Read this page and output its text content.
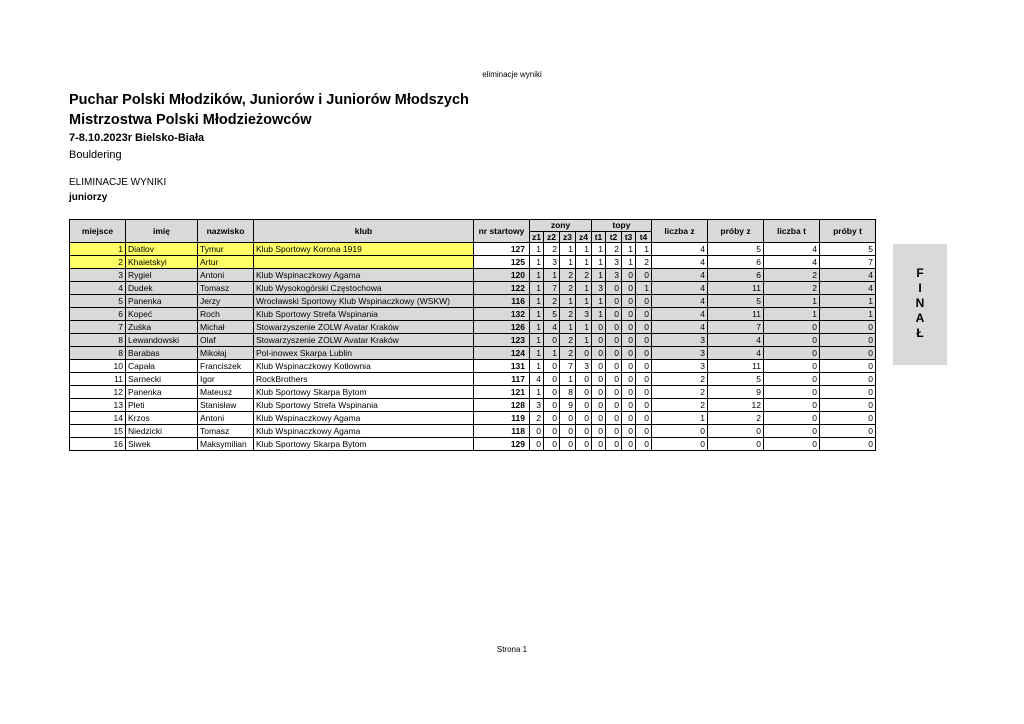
eliminacje wyniki
Puchar Polski Młodzików, Juniorów i Juniorów Młodszych
Mistrzostwa Polski Młodzieżowców
7-8.10.2023r Bielsko-Biała
Bouldering
ELIMINACJE WYNIKI
juniorzy
miejsce	imię	nazwisko	klub	nr startowy	zony				topy				liczba z	próby z	liczba t	próby t
					z1	z2	z3	z4	t1	t2	t3	t4				
1	Diatlov	Tymur	Klub Sportowy Korona 1919	127	1	2	1	1	1	2	1	1	4	5	4	5
2	Khaietskyi	Artur		125	1	3	1	1	1	3	1	2	4	6	4	7
3	Rygiel	Antoni	Klub Wspinaczkowy Agama	120	1	1	2	2	1	3	0	0	4	6	2	4
4	Dudek	Tomasz	Klub Wysokogórski Częstochowa	122	1	7	2	1	3	0	0	1	4	11	2	4
5	Panenka	Jerzy	Wrocławski Sportowy Klub Wspinaczkowy (WSKW)	116	1	2	1	1	1	0	0	0	4	5	1	1
6	Kopeć	Roch	Klub Sportowy Strefa Wspinania	132	1	5	2	3	1	0	0	0	4	11	1	1
7	Zuśka	Michał	Stowarzyszenie ZOLW Avatar Kraków	126	1	4	1	1	0	0	0	0	4	7	0	0
8	Lewandowski	Olaf	Stowarzyszenie ZOLW Avatar Kraków	123	1	0	2	1	0	0	0	0	3	4	0	0
8	Barabas	Mikołaj	Pol-inowex Skarpa Lublin	124	1	1	2	0	0	0	0	0	3	4	0	0
10	Capała	Franciszek	Klub Wspinaczkowy Kotłownia	131	1	0	7	3	0	0	0	0	3	11	0	0
11	Sarnecki	Igor	RockBrothers	117	4	0	1	0	0	0	0	0	2	5	0	0
12	Panenka	Mateusz	Klub Sportowy Skarpa Bytom	121	1	0	8	0	0	0	0	0	2	9	0	0
13	Pleti	Stanisław	Klub Sportowy Strefa Wspinania	128	3	0	9	0	0	0	0	0	2	12	0	0
14	Krzos	Antoni	Klub Wspinaczkowy Agama	119	2	0	0	0	0	0	0	0	1	2	0	0
15	Niedzicki	Tomasz	Klub Wspinaczkowy Agama	118	0	0	0	0	0	0	0	0	0	0	0	0
16	Siwek	Maksymilian	Klub Sportowy Skarpa Bytom	129	0	0	0	0	0	0	0	0	0	0	0	0
F
I
N
A
Ł
Strona 1
